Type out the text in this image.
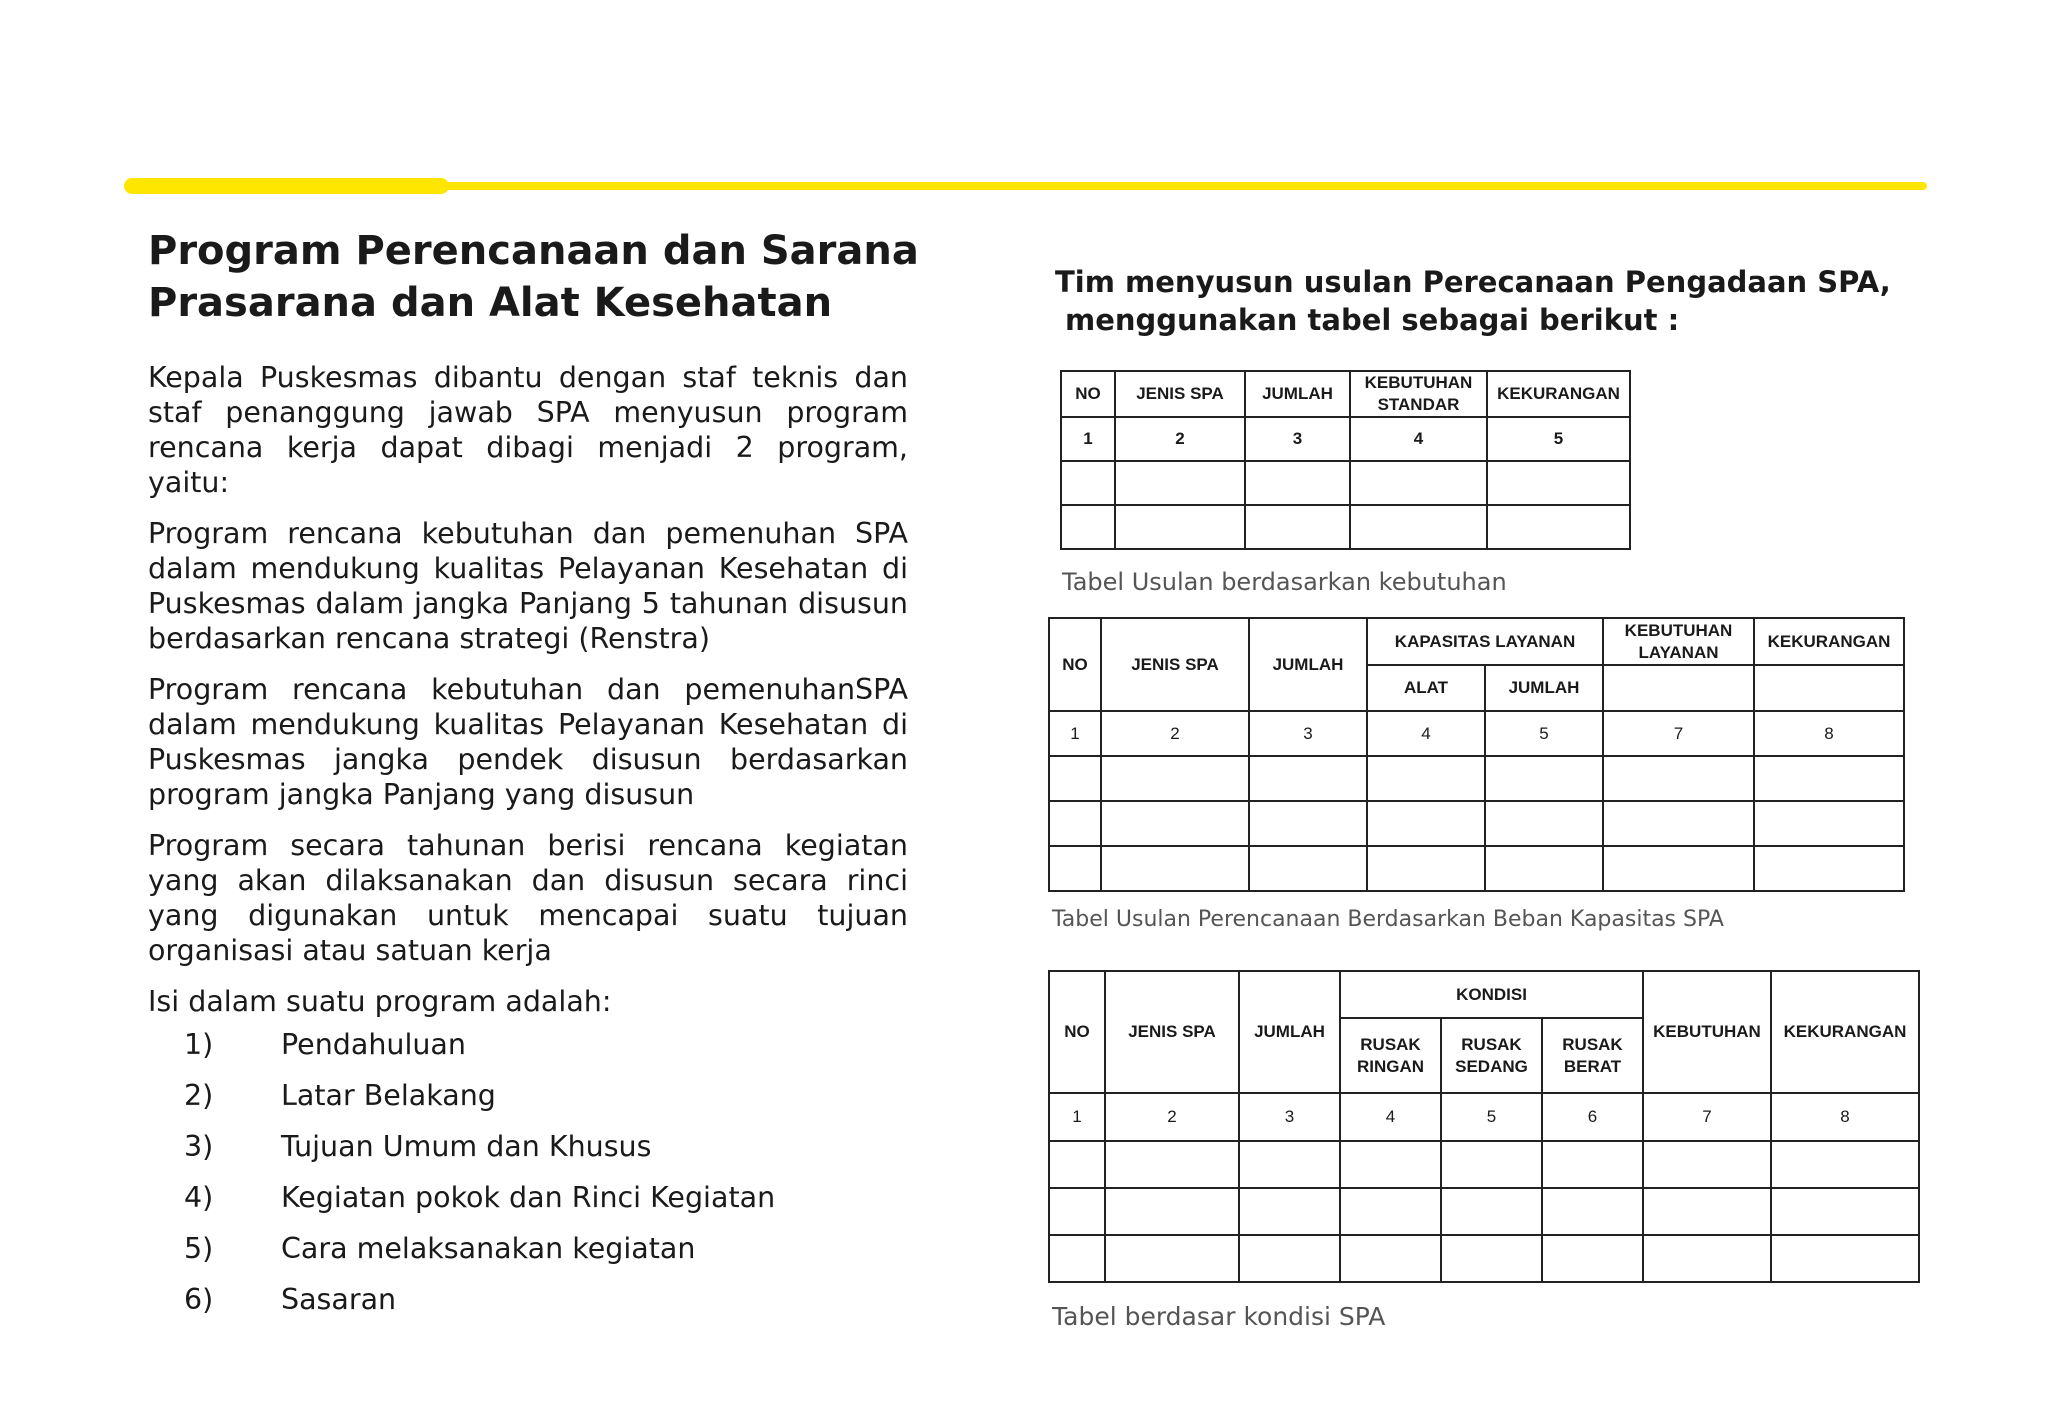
Program Perencanaan dan Sarana Prasarana dan Alat Kesehatan

Kepala Puskesmas dibantu dengan staf teknis dan staf penanggung jawab SPA menyusun program rencana kerja dapat dibagi menjadi 2 program, yaitu:

Program rencana kebutuhan dan pemenuhan SPA dalam mendukung kualitas Pelayanan Kesehatan di Puskesmas dalam jangka Panjang 5 tahunan disusun berdasarkan rencana strategi (Renstra)

Program rencana kebutuhan dan pemenuhanSPA dalam mendukung kualitas Pelayanan Kesehatan di Puskesmas jangka pendek disusun berdasarkan program jangka Panjang yang disusun

Program secara tahunan berisi rencana kegiatan yang akan dilaksanakan dan disusun secara rinci yang digunakan untuk mencapai suatu tujuan organisasi atau satuan kerja

Isi dalam suatu program adalah:

1)	Pendahuluan
2)	Latar Belakang
3)	Tujuan Umum dan Khusus
4)	Kegiatan pokok dan Rinci Kegiatan
5)	Cara melaksanakan kegiatan
6)	Sasaran
Tim menyusun usulan Perecanaan Pengadaan SPA,
menggunakan tabel sebagai berikut :
NO	JENIS SPA	JUMLAH	KEBUTUHAN STANDAR	KEKURANGAN
1	2	3	4	5

Tabel Usulan berdasarkan kebutuhan
NO	JENIS SPA	JUMLAH	KAPASITAS LAYANAN		KEBUTUHAN LAYANAN	KEKURANGAN
			ALAT	JUMLAH		
1	2	3	4	5	7	8

Tabel Usulan Perencanaan Berdasarkan Beban Kapasitas SPA
NO	JENIS SPA	JUMLAH	KONDISI			KEBUTUHAN	KEKURANGAN
			RUSAK RINGAN	RUSAK SEDANG	RUSAK BERAT		
1	2	3	4	5	6	7	8

Tabel berdasar kondisi SPA
